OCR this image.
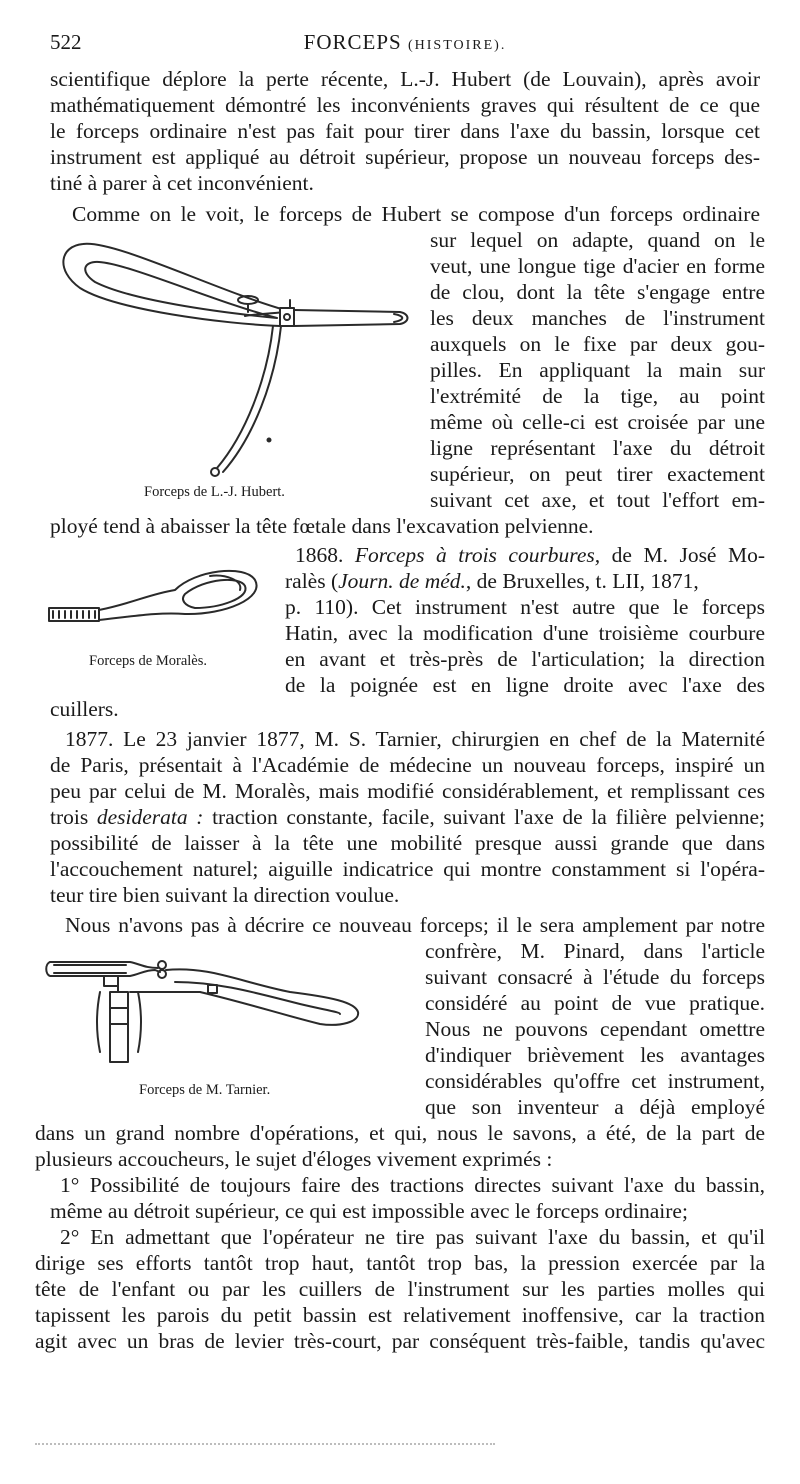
522	FORCEPS (HISTOIRE).
scientifique déplore la perte récente, L.-J. Hubert (de Louvain), après avoir
mathématiquement démontré les inconvénients graves qui résultent de ce que
le forceps ordinaire n'est pas fait pour tirer dans l'axe du bassin, lorsque cet
instrument est appliqué au détroit supérieur, propose un nouveau forceps des-
tiné à parer à cet inconvénient.
Comme on le voit, le forceps de Hubert se compose d'un forceps ordinaire
sur lequel on adapte, quand on le
veut, une longue tige d'acier en forme
de clou, dont la tête s'engage entre
les deux manches de l'instrument
auxquels on le fixe par deux gou-
pilles. En appliquant la main sur
l'extrémité de la tige, au point
même où celle-ci est croisée par une
ligne représentant l'axe du détroit
supérieur, on peut tirer exactement
suivant cet axe, et tout l'effort em-
ployé tend à abaisser la tête fœtale dans l'excavation pelvienne.
Forceps de L.-J. Hubert.
1868. Forceps à trois courbures, de M. José Mo-
ralès (Journ. de méd., de Bruxelles, t. LII, 1871,
p. 110). Cet instrument n'est autre que le forceps
Hatin, avec la modification d'une troisième courbure
en avant et très-près de l'articulation; la direction
de la poignée est en ligne droite avec l'axe des
cuillers.
Forceps de Moralès.
1877. Le 23 janvier 1877, M. S. Tarnier, chirurgien en chef de la Maternité
de Paris, présentait à l'Académie de médecine un nouveau forceps, inspiré un
peu par celui de M. Moralès, mais modifié considérablement, et remplissant ces
trois desiderata : traction constante, facile, suivant l'axe de la filière pelvienne;
possibilité de laisser à la tête une mobilité presque aussi grande que dans
l'accouchement naturel; aiguille indicatrice qui montre constamment si l'opéra-
teur tire bien suivant la direction voulue.
Nous n'avons pas à décrire ce nouveau forceps; il le sera amplement par notre
confrère, M. Pinard, dans l'article
suivant consacré à l'étude du forceps
considéré au point de vue pratique.
Nous ne pouvons cependant omettre
d'indiquer brièvement les avantages
considérables qu'offre cet instrument,
que son inventeur a déjà employé
dans un grand nombre d'opérations, et qui, nous le savons, a été, de la part de
plusieurs accoucheurs, le sujet d'éloges vivement exprimés :
Forceps de M. Tarnier.
1° Possibilité de toujours faire des tractions directes suivant l'axe du bassin,
même au détroit supérieur, ce qui est impossible avec le forceps ordinaire;
2° En admettant que l'opérateur ne tire pas suivant l'axe du bassin, et qu'il
dirige ses efforts tantôt trop haut, tantôt trop bas, la pression exercée par la
tête de l'enfant ou par les cuillers de l'instrument sur les parties molles qui
tapissent les parois du petit bassin est relativement inoffensive, car la traction
agit avec un bras de levier très-court, par conséquent très-faible, tandis qu'avec
